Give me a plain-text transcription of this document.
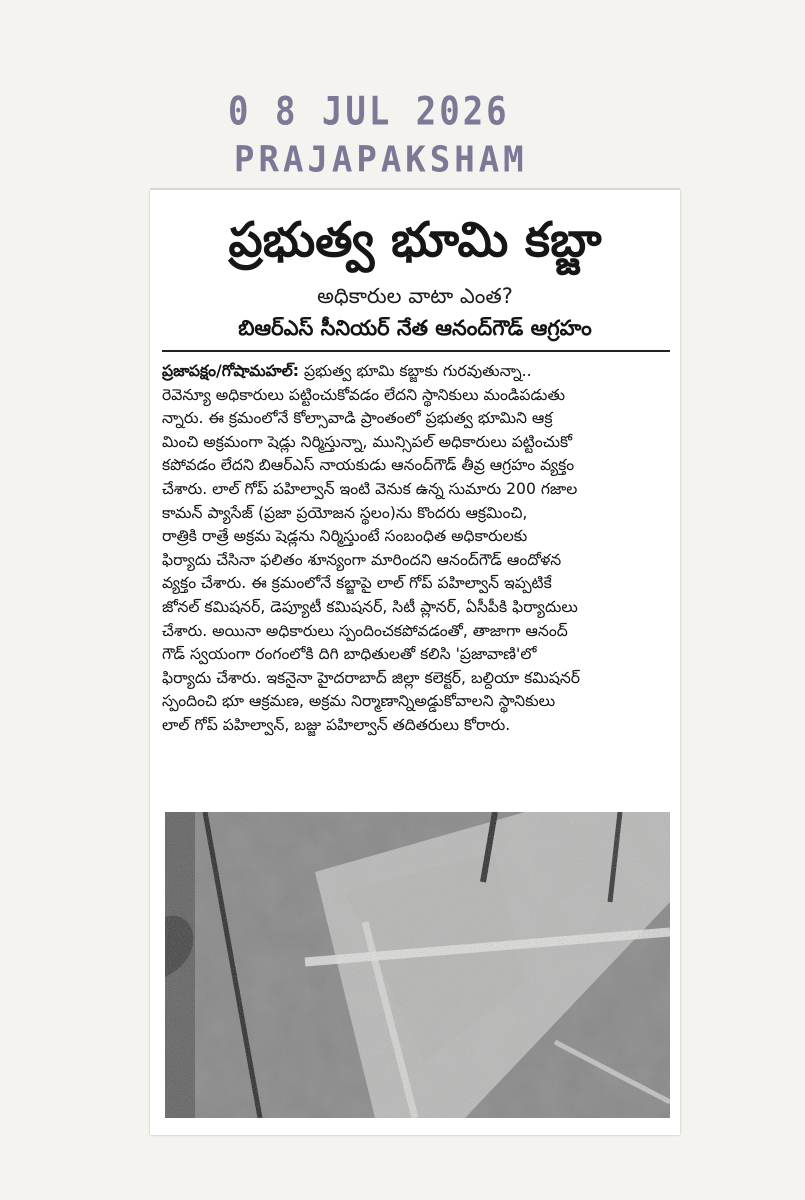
0 8 JUL 2026
PRAJAPAKSHAM
ప్రభుత్వ భూమి కబ్జా
అధికారుల వాటా ఎంత?
బిఆర్ఎస్ సీనియర్ నేత ఆనంద్‌గౌడ్ ఆగ్రహం
ప్రజాపక్షం/గోషామహల్: ప్రభుత్వ భూమి కబ్జాకు గురవుతున్నా..
రెవెన్యూ అధికారులు పట్టించుకోవడం లేదని స్థానికులు మండిపడుతు
న్నారు. ఈ క్రమంలోనే కోల్సావాడి ప్రాంతంలో ప్రభుత్వ భూమిని ఆక్ర
మించి అక్రమంగా షెడ్లు నిర్మిస్తున్నా, మున్సిపల్ అధికారులు పట్టించుకో
కపోవడం లేదని బిఆర్ఎస్ నాయకుడు ఆనంద్‌గౌడ్ తీవ్ర ఆగ్రహం వ్యక్తం
చేశారు. లాల్ గోప్ పహిల్వాన్ ఇంటి వెనుక ఉన్న సుమారు 200 గజాల
కామన్ ప్యాసేజ్ (ప్రజా ప్రయోజన స్థలం)ను కొందరు ఆక్రమించి,
రాత్రికి రాత్రే అక్రమ షెడ్లను నిర్మిస్తుంటే సంబంధిత అధికారులకు
ఫిర్యాదు చేసినా ఫలితం శూన్యంగా మారిందని ఆనంద్‌గౌడ్ ఆందోళన
వ్యక్తం చేశారు. ఈ క్రమంలోనే కబ్జాపై లాల్ గోప్ పహిల్వాన్ ఇప్పటికే
జోనల్ కమిషనర్, డెప్యూటీ కమిషనర్, సిటీ ప్లానర్, ఏసీపీకి ఫిర్యాదులు
చేశారు. అయినా అధికారులు స్పందించకపోవడంతో, తాజాగా ఆనంద్
గౌడ్ స్వయంగా రంగంలోకి దిగి బాధితులతో కలిసి 'ప్రజావాణి'లో
ఫిర్యాదు చేశారు. ఇకనైనా హైదరాబాద్ జిల్లా కలెక్టర్, బల్దియా కమిషనర్
స్పందించి భూ ఆక్రమణ, అక్రమ నిర్మాణాన్నిఅడ్డుకోవాలని స్థానికులు
లాల్ గోప్ పహిల్వాన్, బజ్జు పహిల్వాన్ తదితరులు కోరారు.
